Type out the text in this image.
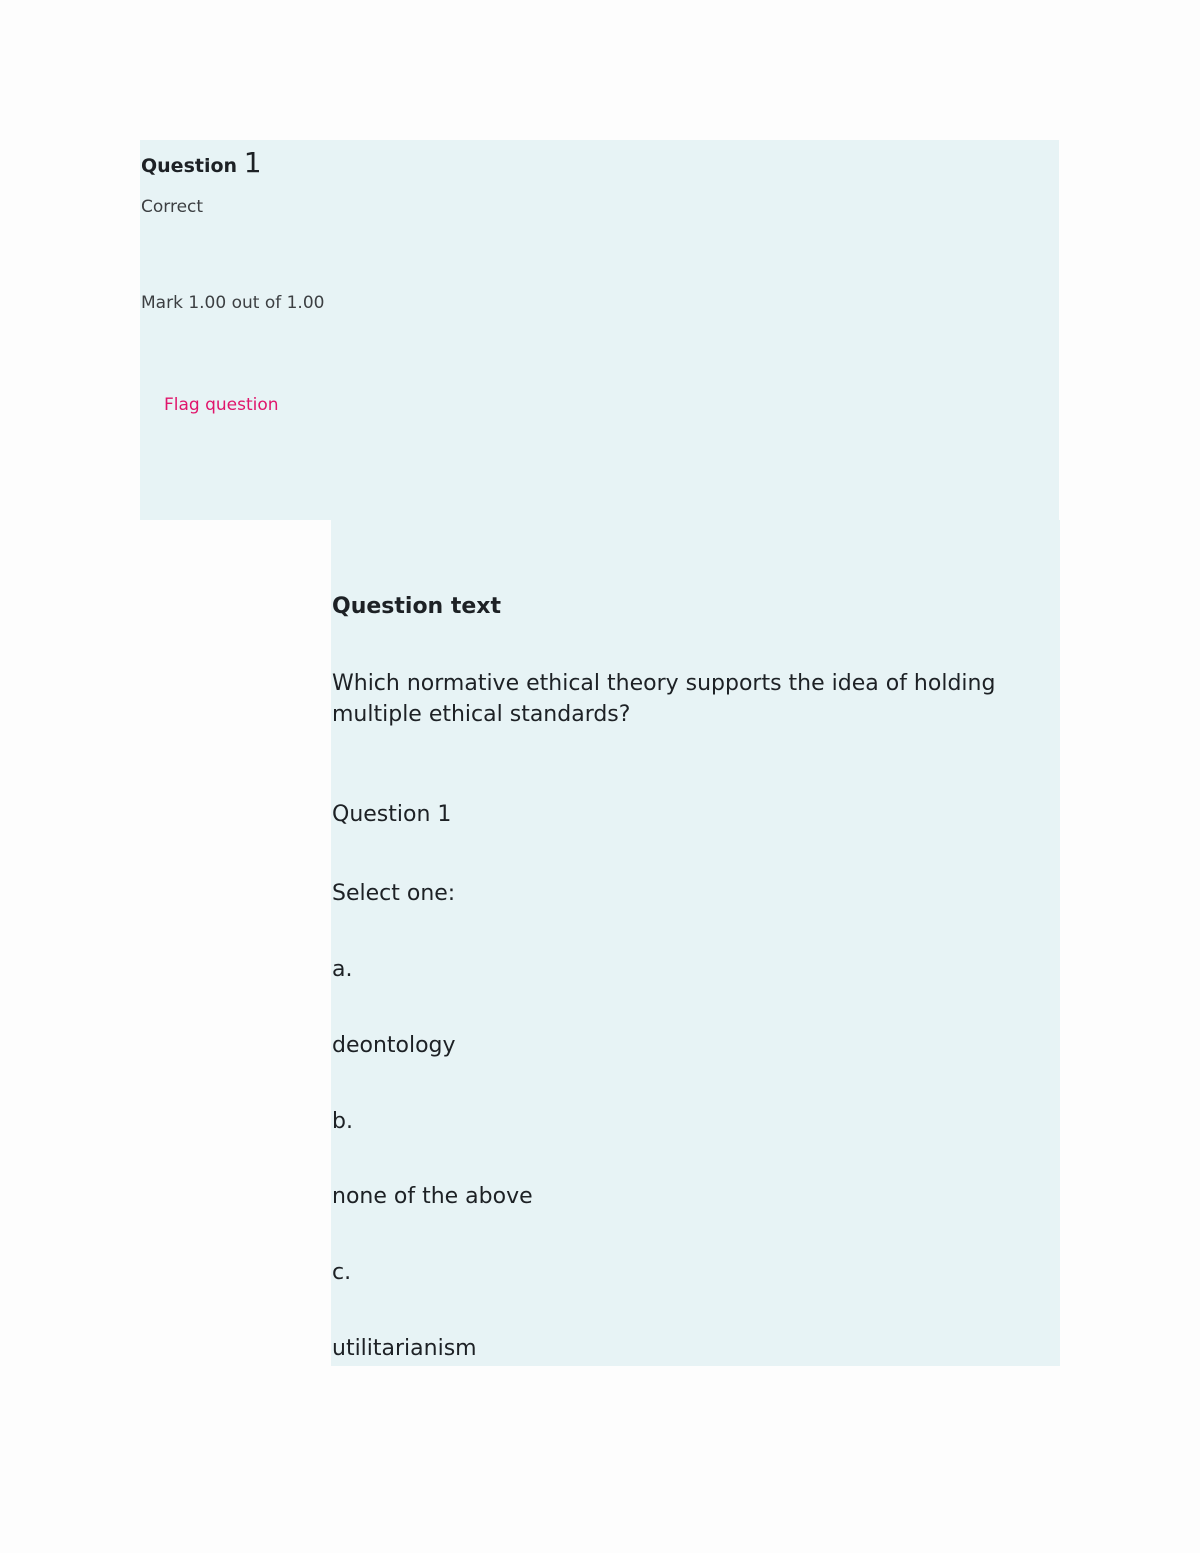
Question 1
Correct
Mark 1.00 out of 1.00
Flag question
Question text
Which normative ethical theory supports the idea of holding multiple ethical standards?
Question 1
Select one:
a.
deontology
b.
none of the above
c.
utilitarianism
